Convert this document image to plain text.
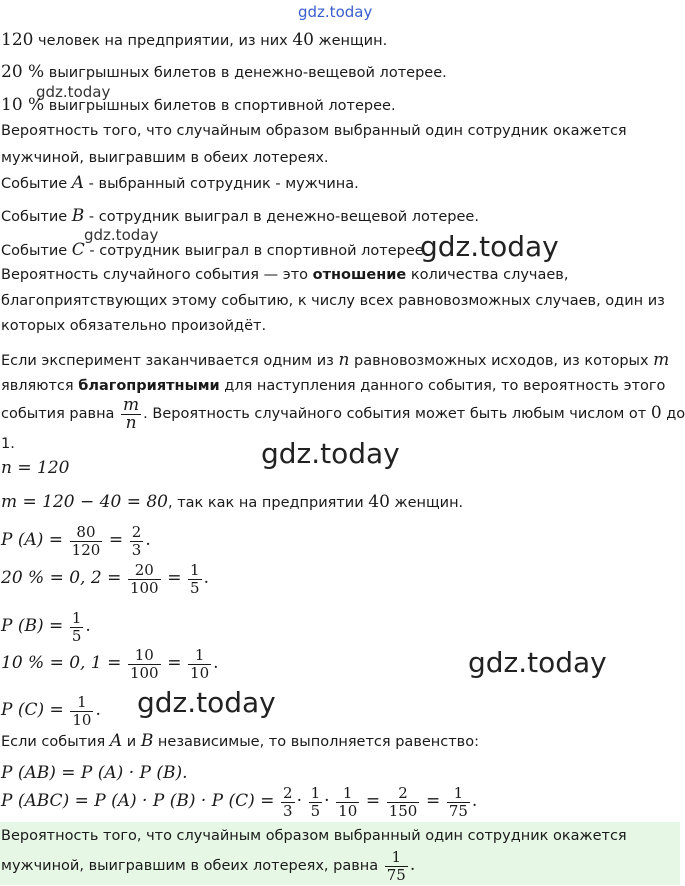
gdz.today
gdz.today
gdz.today	gdz.today
gdz.today
gdz.today
gdz.today
120 человек на предприятии, из них 40 женщин.
20 % выигрышных билетов в денежно-вещевой лотерее.
10 % выигрышных билетов в спортивной лотерее.
Вероятность того, что случайным образом выбранный один сотрудник окажется
мужчиной, выигравшим в обеих лотереях.
Событие A - выбранный сотрудник - мужчина.
Событие B - сотрудник выиграл в денежно-вещевой лотерее.
Событие C - сотрудник выиграл в спортивной лотерее.
Вероятность случайного события — это отношение количества случаев,
благоприятствующих этому событию, к числу всех равновозможных случаев, один из
которых обязательно произойдёт.
Если эксперимент заканчивается одним из n равновозможных исходов, из которых m
являются благоприятными для наступления данного события, то вероятность этого
события равна $\frac{m}{n}$ . Вероятность случайного события может быть любым числом от 0 до
1.
n = 120
m = 120 − 40 = 80, так как на предприятии 40 женщин.
P $(A) = \frac{80}{120} = \frac{2}{3}$ .
20 % = 0, $2 = \frac{20}{100} = \frac{1}{5}$ .
P $(B) = \frac{1}{5}$ .
10 % = 0, $1 = \frac{10}{100} = \frac{1}{10}$ .
P $(C) = \frac{1}{10}$ .
Если события A и B независимые, то выполняется равенство:
P (AB) = P (A) · P (B).
P (ABC) = P (A) · P (B) · P $(C) = \frac{2}{3} \cdot \frac{1}{5} \cdot \frac{1}{10} = \frac{2}{150} = \frac{1}{75}$ .
Вероятность того, что случайным образом выбранный один сотрудник окажется
мужчиной, выигравшим в обеих лотереях, равна $\frac{1}{75}$ .
